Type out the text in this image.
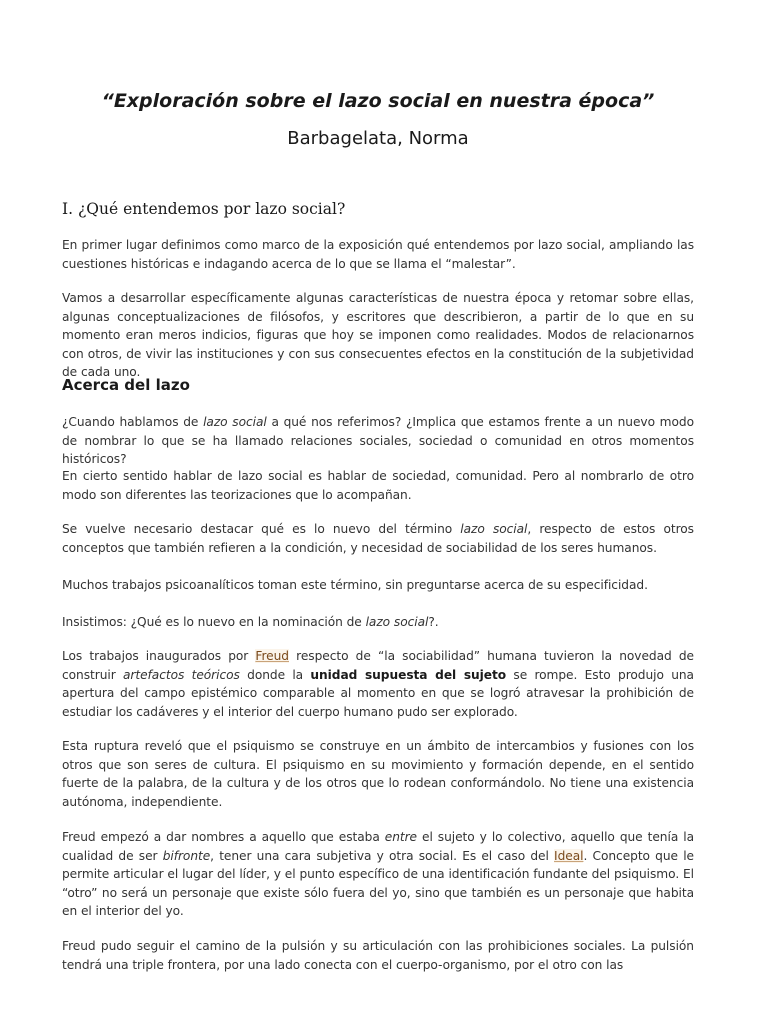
“Exploración sobre el lazo social en nuestra época”
Barbagelata, Norma
I. ¿Qué entendemos por lazo social?

En primer lugar definimos como marco de la exposición qué entendemos por lazo social, ampliando las cuestiones históricas e indagando acerca de lo que se llama el “malestar”.

Vamos a desarrollar específicamente algunas características de nuestra época y retomar sobre ellas, algunas conceptualizaciones de filósofos, y escritores que describieron, a partir de lo que en su momento eran meros indicios, figuras que hoy se imponen como realidades. Modos de relacionarnos con otros, de vivir las instituciones y con sus consecuentes efectos en la constitución de la subjetividad de cada uno.

Acerca del lazo

¿Cuando hablamos de lazo social a qué nos referimos? ¿Implica que estamos frente a un nuevo modo de nombrar lo que se ha llamado relaciones sociales, sociedad o comunidad en otros momentos históricos?

En cierto sentido hablar de lazo social es hablar de sociedad, comunidad. Pero al nombrarlo de otro modo son diferentes las teorizaciones que lo acompañan.

Se vuelve necesario destacar qué es lo nuevo del término lazo social, respecto de estos otros conceptos que también refieren a la condición, y necesidad de sociabilidad de los seres humanos.

Muchos trabajos psicoanalíticos toman este término, sin preguntarse acerca de su especificidad.

Insistimos: ¿Qué es lo nuevo en la nominación de lazo social?.

Los trabajos inaugurados por Freud respecto de “la sociabilidad” humana tuvieron la novedad de construir artefactos teóricos donde la unidad supuesta del sujeto se rompe. Esto produjo una apertura del campo epistémico comparable al momento en que se logró atravesar la prohibición de estudiar los cadáveres y el interior del cuerpo humano pudo ser explorado.

Esta ruptura reveló que el psiquismo se construye en un ámbito de intercambios y fusiones con los otros que son seres de cultura. El psiquismo en su movimiento y formación depende, en el sentido fuerte de la palabra, de la cultura y de los otros que lo rodean conformándolo. No tiene una existencia autónoma, independiente.

Freud empezó a dar nombres a aquello que estaba entre el sujeto y lo colectivo, aquello que tenía la cualidad de ser bifronte, tener una cara subjetiva y otra social. Es el caso del Ideal. Concepto que le permite articular el lugar del líder, y el punto específico de una identificación fundante del psiquismo. El “otro” no será un personaje que existe sólo fuera del yo, sino que también es un personaje que habita en el interior del yo.

Freud pudo seguir el camino de la pulsión y su articulación con las prohibiciones sociales. La pulsión tendrá una triple frontera, por una lado conecta con el cuerpo-organismo, por el otro con las
